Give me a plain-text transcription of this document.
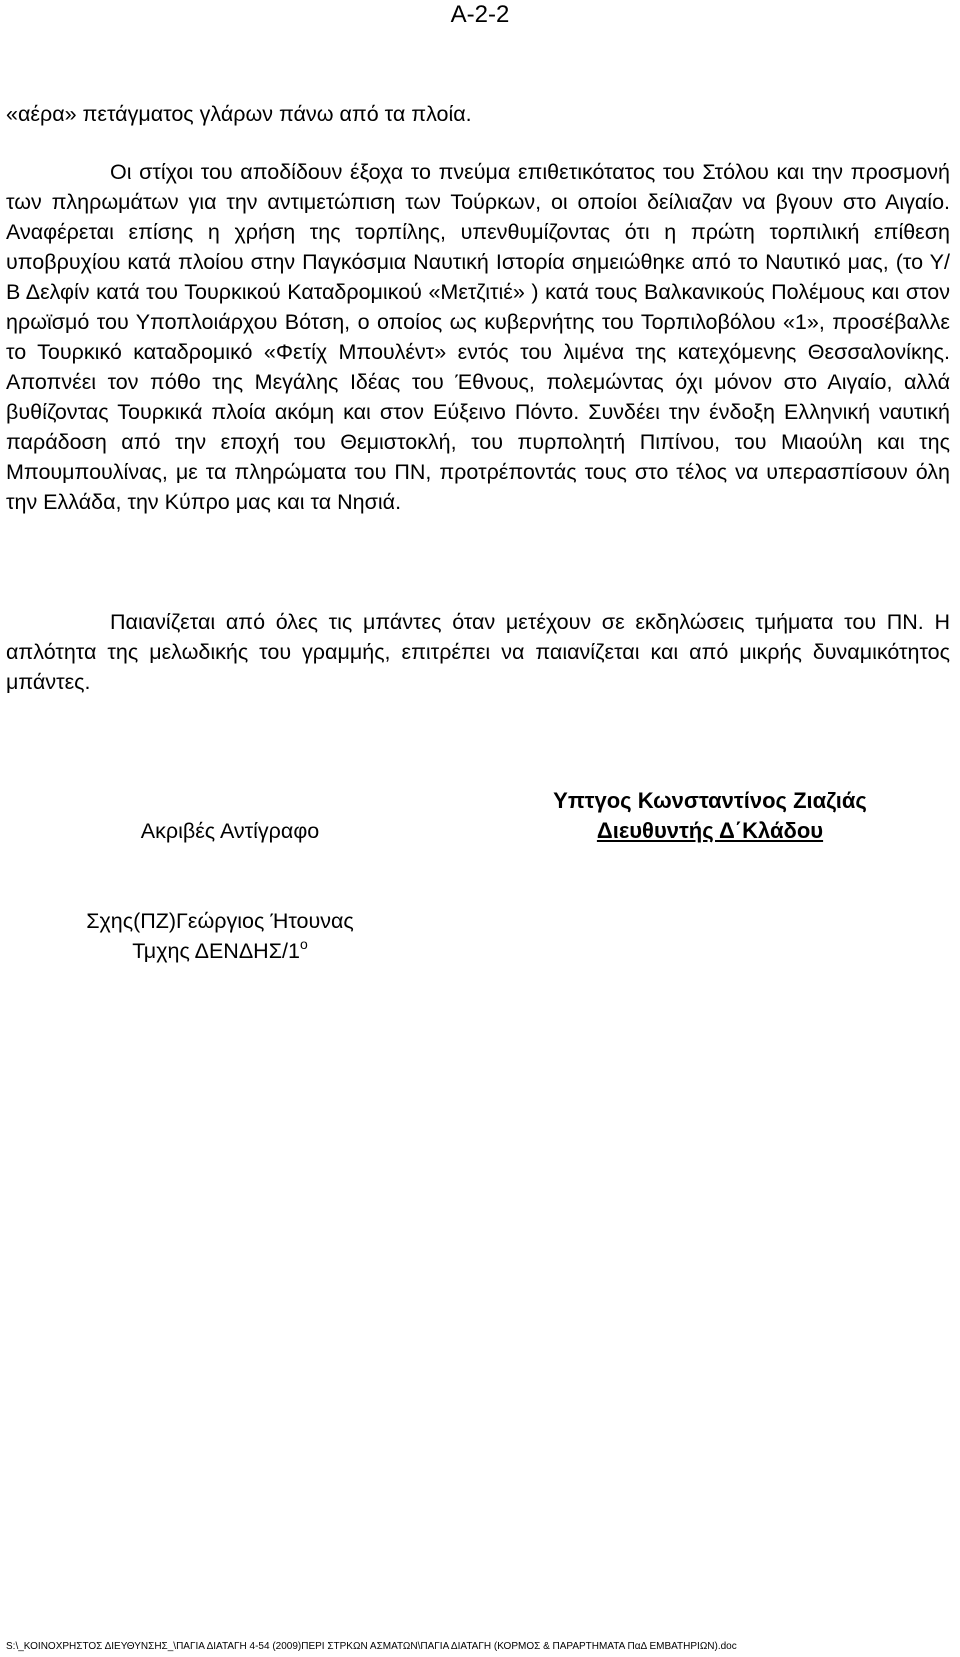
A-2-2
«αέρα» πετάγματος γλάρων πάνω από τα πλοία.
Οι στίχοι του αποδίδουν έξοχα το πνεύμα επιθετικότατος του Στόλου και την προσμονή των πληρωμάτων για την αντιμετώπιση των Τούρκων, οι οποίοι δείλιαζαν να βγουν στο Αιγαίο. Αναφέρεται επίσης η χρήση της τορπίλης, υπενθυμίζοντας ότι η πρώτη τορπιλική επίθεση υποβρυχίου κατά πλοίου στην Παγκόσμια Ναυτική Ιστορία σημειώθηκε από το Ναυτικό μας, (το Υ/Β Δελφίν κατά του Τουρκικού Καταδρομικού «Μετζιτιέ» ) κατά τους Βαλκανικούς Πολέμους και στον ηρωϊσμό του Υποπλοιάρχου Βότση, ο οποίος ως κυβερνήτης του Τορπιλοβόλου «1», προσέβαλλε το Τουρκικό καταδρομικό «Φετίχ Μπουλέντ» εντός του λιμένα της κατεχόμενης Θεσσαλονίκης. Αποπνέει τον πόθο της Μεγάλης Ιδέας του Έθνους, πολεμώντας όχι μόνον στο Αιγαίο, αλλά βυθίζοντας Τουρκικά πλοία ακόμη και στον Εύξεινο Πόντο. Συνδέει την ένδοξη Ελληνική ναυτική παράδοση από την εποχή του Θεμιστοκλή, του πυρπολητή Πιπίνου, του Μιαούλη και της Μπουμπουλίνας, με τα πληρώματα του ΠΝ, προτρέποντάς τους στο τέλος να υπερασπίσουν όλη την Ελλάδα, την Κύπρο μας και τα Νησιά.
Παιανίζεται από όλες τις μπάντες όταν μετέχουν σε εκδηλώσεις τμήματα του ΠΝ. Η απλότητα της μελωδικής του γραμμής, επιτρέπει να παιανίζεται και από μικρής δυναμικότητος μπάντες.
Ακριβές Αντίγραφο
Υπτγος Κωνσταντίνος Ζιαζιάς
Διευθυντής Δ΄Κλάδου
Σχης(ΠΖ)Γεώργιος Ήτουνας
Τμχης ΔΕΝΔΗΣ/$1^o$
S:\_ΚΟΙΝΟΧΡΗΣΤΟΣ ΔΙΕΥΘΥΝΣΗΣ_\ΠΑΓΙΑ ΔΙΑΤΑΓΗ 4-54 (2009)ΠΕΡΙ ΣΤΡΚΩΝ ΑΣΜΑΤΩΝ\ΠΑΓΙΑ ΔΙΑΤΑΓΗ (ΚΟΡΜΟΣ & ΠΑΡΑΡΤΗΜΑΤΑ ΠαΔ ΕΜΒΑΤΗΡΙΩΝ).doc
